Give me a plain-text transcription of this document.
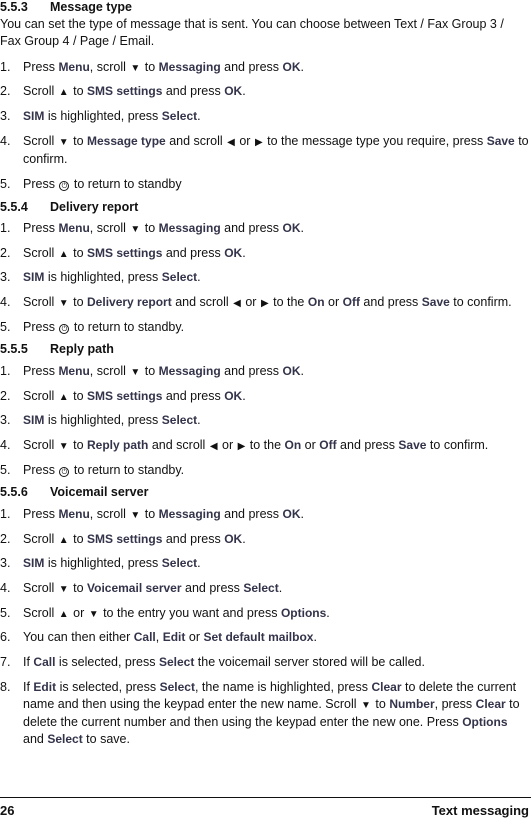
5.5.3 Message type
You can set the type of message that is sent. You can choose between Text / Fax Group 3 / Fax Group 4 / Page / Email.
1.	Press Menu, scroll ▼ to Messaging and press OK.
2.	Scroll ▲ to SMS settings and press OK.
3.	SIM is highlighted, press Select.
4.	Scroll ▼ to Message type and scroll ◀ or ▶ to the message type you require, press Save to confirm.
5.	Press ⏻ to return to standby
5.5.4 Delivery report
1.	Press Menu, scroll ▼ to Messaging and press OK.
2.	Scroll ▲ to SMS settings and press OK.
3.	SIM is highlighted, press Select.
4.	Scroll ▼ to Delivery report and scroll ◀ or ▶ to the On or Off and press Save to confirm.
5.	Press ⏻ to return to standby.
5.5.5 Reply path
1.	Press Menu, scroll ▼ to Messaging and press OK.
2.	Scroll ▲ to SMS settings and press OK.
3.	SIM is highlighted, press Select.
4.	Scroll ▼ to Reply path and scroll ◀ or ▶ to the On or Off and press Save to confirm.
5.	Press ⏻ to return to standby.
5.5.6 Voicemail server
1.	Press Menu, scroll ▼ to Messaging and press OK.
2.	Scroll ▲ to SMS settings and press OK.
3.	SIM is highlighted, press Select.
4.	Scroll ▼ to Voicemail server and press Select.
5.	Scroll ▲ or ▼ to the entry you want and press Options.
6.	You can then either Call, Edit or Set default mailbox.
7.	If Call is selected, press Select the voicemail server stored will be called.
8.	If Edit is selected, press Select, the name is highlighted, press Clear to delete the current name and then using the keypad enter the new name. Scroll ▼ to Number, press Clear to delete the current number and then using the keypad enter the new one. Press Options and Select to save.
26	Text messaging
